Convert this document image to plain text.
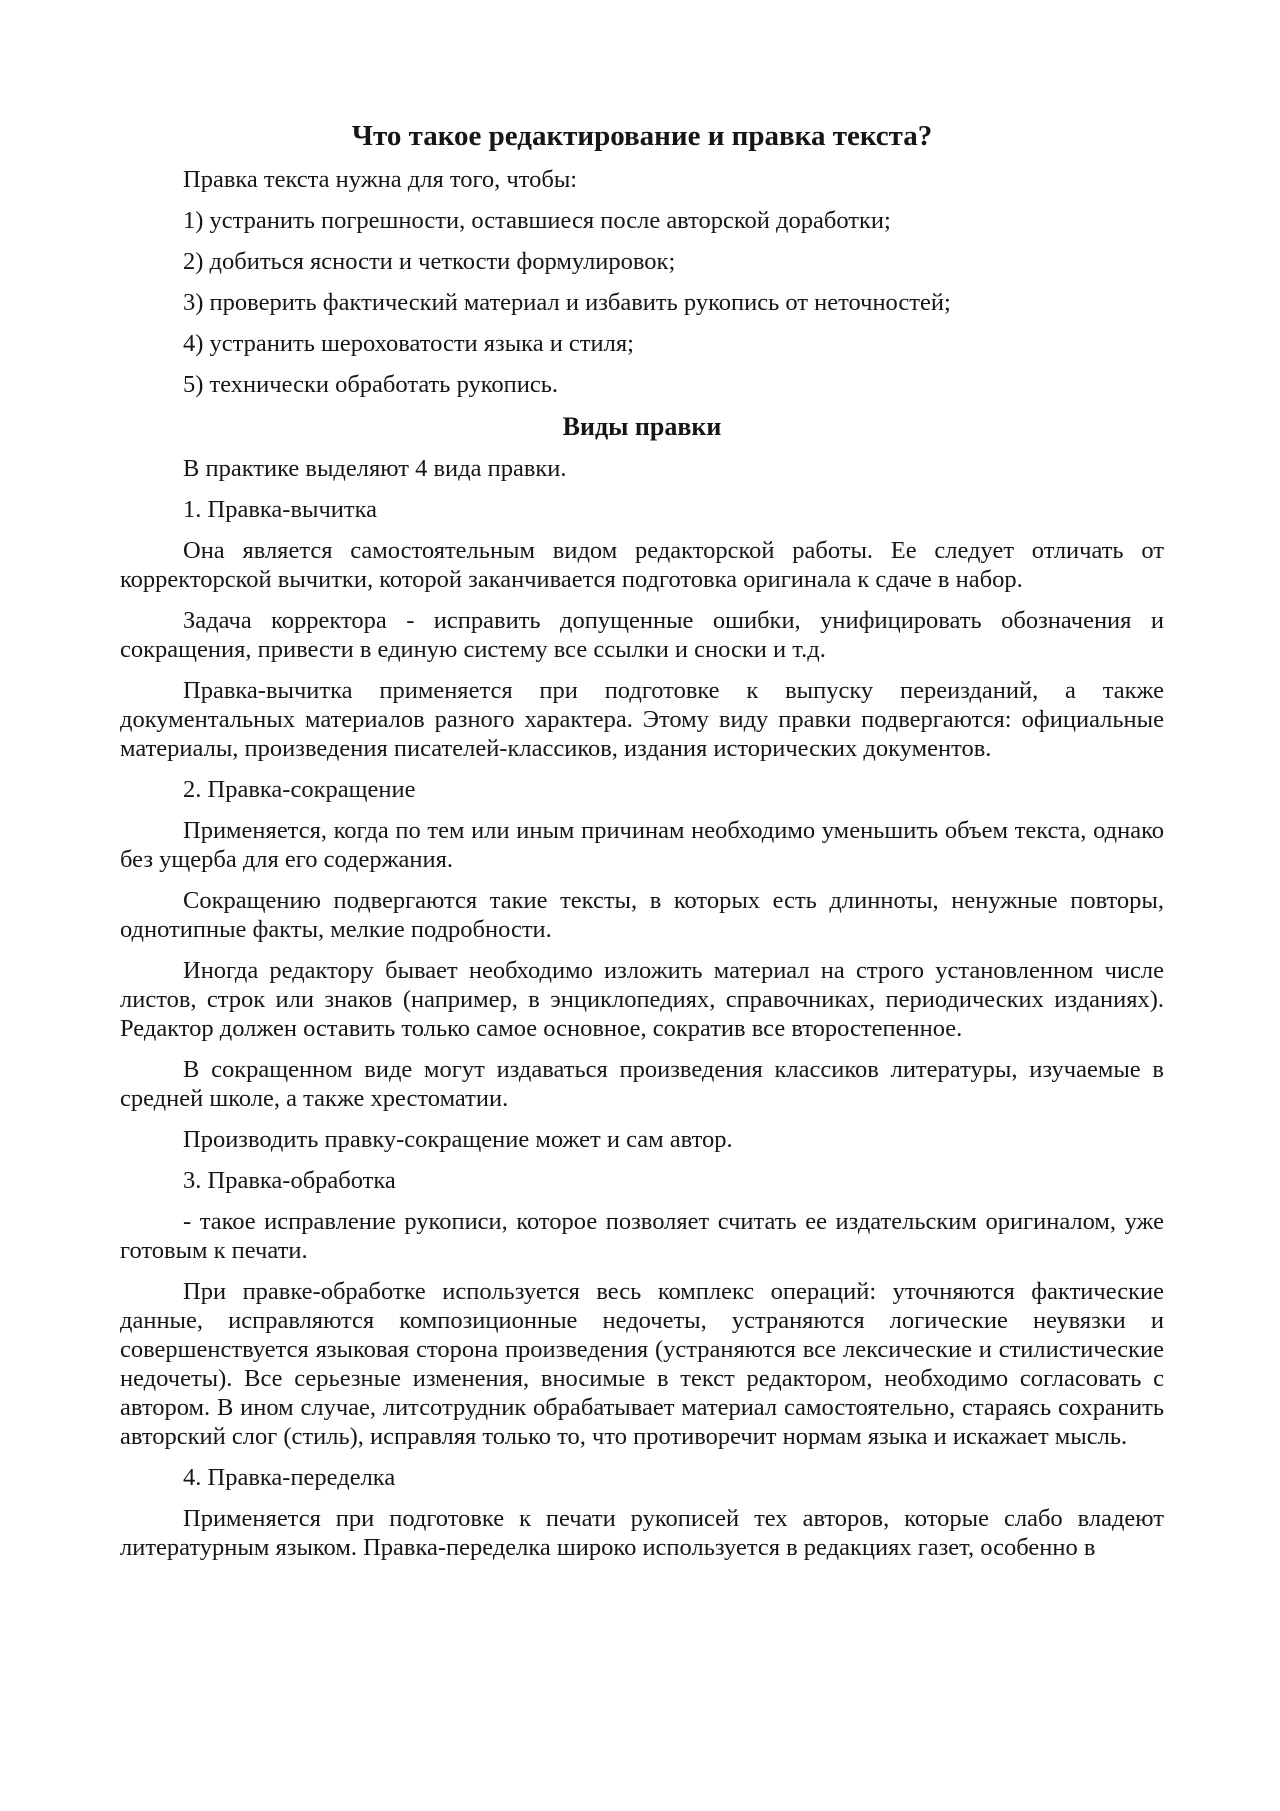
Что такое редактирование и правка текста?

Правка текста нужна для того, чтобы:

1) устранить погрешности, оставшиеся после авторской доработки;

2) добиться ясности и четкости формулировок;

3) проверить фактический материал и избавить рукопись от неточностей;

4) устранить шероховатости языка и стиля;

5) технически обработать рукопись.

Виды правки

В практике выделяют 4 вида правки.

1. Правка-вычитка

Она является самостоятельным видом редакторской работы. Ее следует отличать от корректорской вычитки, которой заканчивается подготовка оригинала к сдаче в набор.

Задача корректора - исправить допущенные ошибки, унифицировать обозначения и сокращения, привести в единую систему все ссылки и сноски и т.д.

Правка-вычитка применяется при подготовке к выпуску переизданий, а также документальных материалов разного характера. Этому виду правки подвергаются: официальные материалы, произведения писателей-классиков, издания исторических документов.

2. Правка-сокращение

Применяется, когда по тем или иным причинам необходимо уменьшить объем текста, однако без ущерба для его содержания.

Сокращению подвергаются такие тексты, в которых есть длинноты, ненужные повторы, однотипные факты, мелкие подробности.

Иногда редактору бывает необходимо изложить материал на строго установленном числе листов, строк или знаков (например, в энциклопедиях, справочниках, периодических изданиях). Редактор должен оставить только самое основное, сократив все второстепенное.

В сокращенном виде могут издаваться произведения классиков литературы, изучаемые в средней школе, а также хрестоматии.

Производить правку-сокращение может и сам автор.

3. Правка-обработка

- такое исправление рукописи, которое позволяет считать ее издательским оригиналом, уже готовым к печати.

При правке-обработке используется весь комплекс операций: уточняются фактические данные, исправляются композиционные недочеты, устраняются логические неувязки и совершенствуется языковая сторона произведения (устраняются все лексические и стилистические недочеты). Все серьезные изменения, вносимые в текст редактором, необходимо согласовать с автором. В ином случае, литсотрудник обрабатывает материал самостоятельно, стараясь сохранить авторский слог (стиль), исправляя только то, что противоречит нормам языка и искажает мысль.

4. Правка-переделка

Применяется при подготовке к печати рукописей тех авторов, которые слабо владеют литературным языком. Правка-переделка широко используется в редакциях газет, особенно в
